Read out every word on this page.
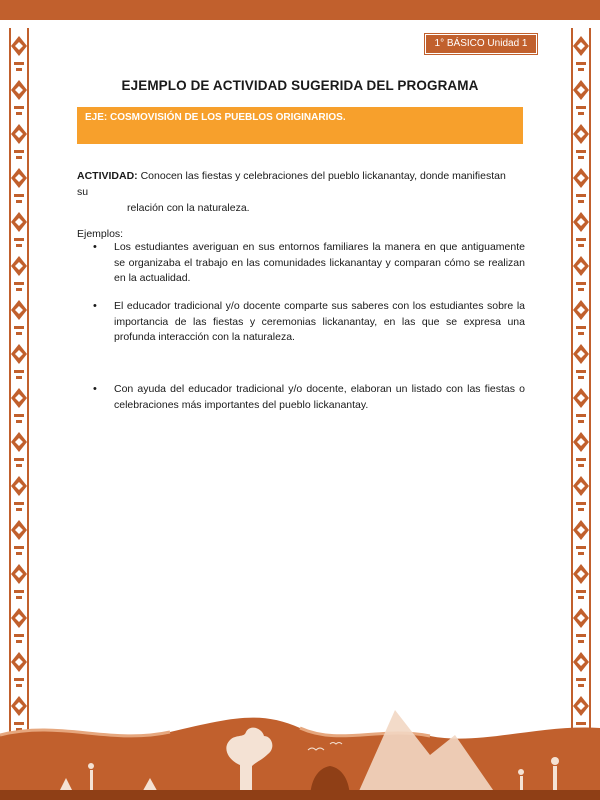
1° BÁSICO Unidad 1
EJEMPLO DE ACTIVIDAD SUGERIDA DEL PROGRAMA
EJE: COSMOVISIÓN DE LOS PUEBLOS ORIGINARIOS.
ACTIVIDAD: Conocen las fiestas y celebraciones del pueblo lickanantay, donde manifiestan su
relación con la naturaleza.
Ejemplos:
• Los estudiantes averiguan en sus entornos familiares la manera en que antiguamente se organizaba el trabajo en las comunidades lickanantay y comparan cómo se realizan en la actualidad.
• El educador tradicional y/o docente comparte sus saberes con los estudiantes sobre la importancia de las fiestas y ceremonias lickanantay, en las que se expresa una profunda interacción con la naturaleza.
• Con ayuda del educador tradicional y/o docente, elaboran un listado con las fiestas o celebraciones más importantes del pueblo lickanantay.
